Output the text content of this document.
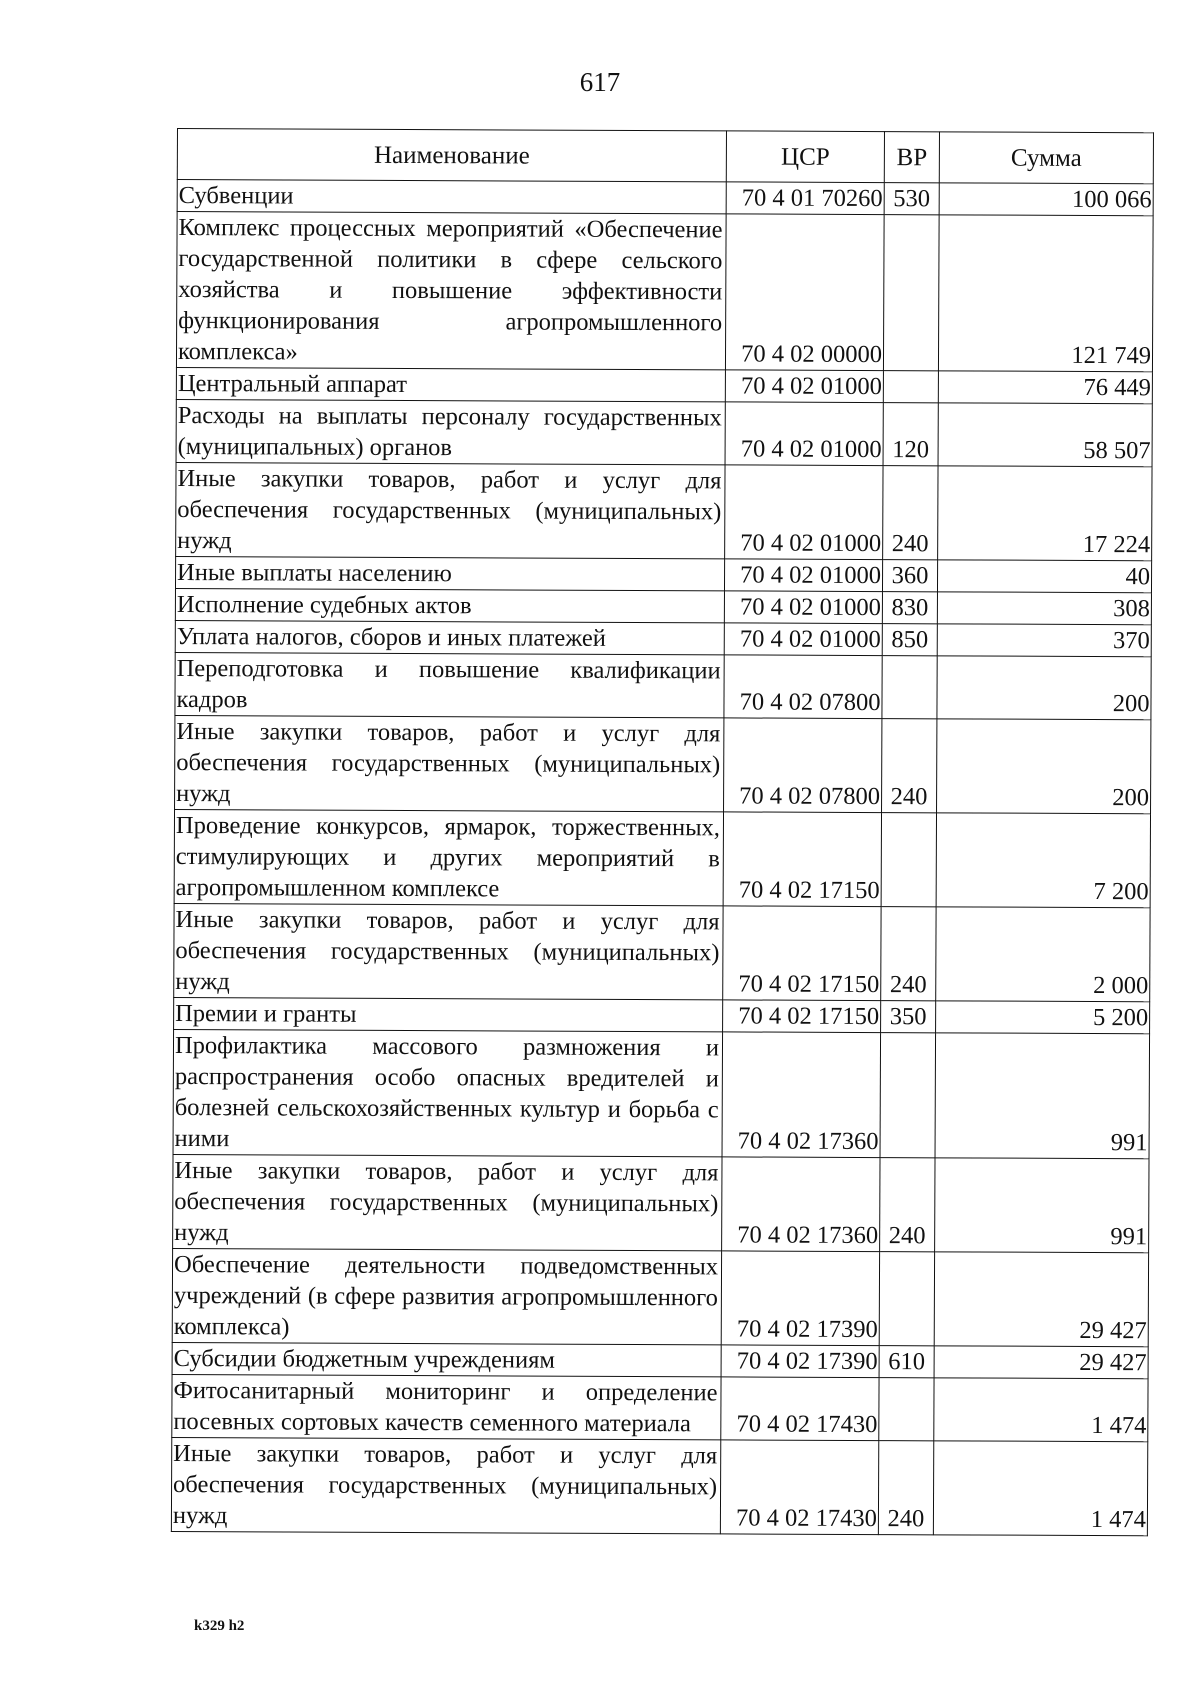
617
Наименование	ЦСР	ВР	Сумма
Субвенции	70 4 01 70260	530	100 066
Комплекс процессных мероприятий «Обеспечение государственной политики в сфере сельского хозяйства и повышение эффективности функционирования агропромышленного комплекса»	70 4 02 00000		121 749
Центральный аппарат	70 4 02 01000		76 449
Расходы на выплаты персоналу государственных (муниципальных) органов	70 4 02 01000	120	58 507
Иные закупки товаров, работ и услуг для обеспечения государственных (муниципальных) нужд	70 4 02 01000	240	17 224
Иные выплаты населению	70 4 02 01000	360	40
Исполнение судебных актов	70 4 02 01000	830	308
Уплата налогов, сборов и иных платежей	70 4 02 01000	850	370
Переподготовка и повышение квалификации кадров	70 4 02 07800		200
Иные закупки товаров, работ и услуг для обеспечения государственных (муниципальных) нужд	70 4 02 07800	240	200
Проведение конкурсов, ярмарок, торжественных, стимулирующих и других мероприятий в агропромышленном комплексе	70 4 02 17150		7 200
Иные закупки товаров, работ и услуг для обеспечения государственных (муниципальных) нужд	70 4 02 17150	240	2 000
Премии и гранты	70 4 02 17150	350	5 200
Профилактика массового размножения и распространения особо опасных вредителей и болезней сельскохозяйственных культур и борьба с ними	70 4 02 17360		991
Иные закупки товаров, работ и услуг для обеспечения государственных (муниципальных) нужд	70 4 02 17360	240	991
Обеспечение деятельности подведомственных учреждений (в сфере развития агропромышленного комплекса)	70 4 02 17390		29 427
Субсидии бюджетным учреждениям	70 4 02 17390	610	29 427
Фитосанитарный мониторинг и определение посевных сортовых качеств семенного материала	70 4 02 17430		1 474
Иные закупки товаров, работ и услуг для обеспечения государственных (муниципальных) нужд	70 4 02 17430	240	1 474
k329 h2
